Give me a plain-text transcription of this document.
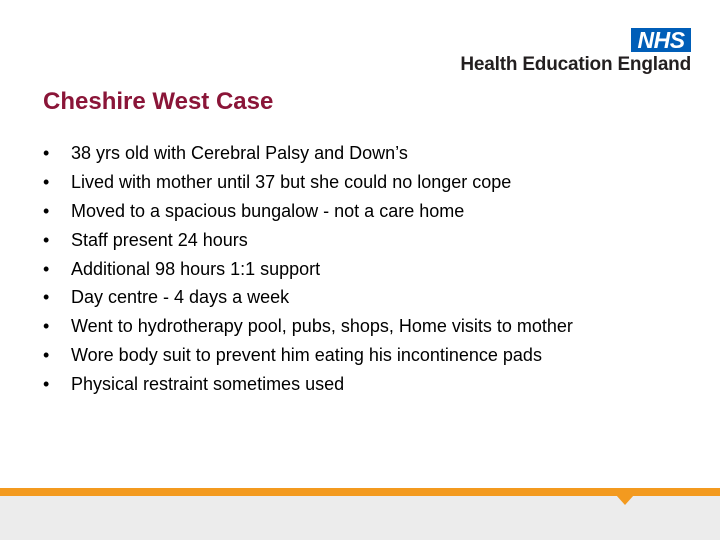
NHS
Health Education England
Cheshire West Case
•	38 yrs old with Cerebral Palsy and Down’s
•	Lived with mother until 37 but she could no longer cope
•	Moved to a spacious bungalow - not a care home
•	Staff present 24 hours
•	Additional 98 hours 1:1 support
•	Day centre - 4 days a week
•	Went to hydrotherapy pool, pubs, shops, Home visits to mother
•	Wore body suit to prevent him eating his incontinence pads
•	Physical restraint sometimes used
